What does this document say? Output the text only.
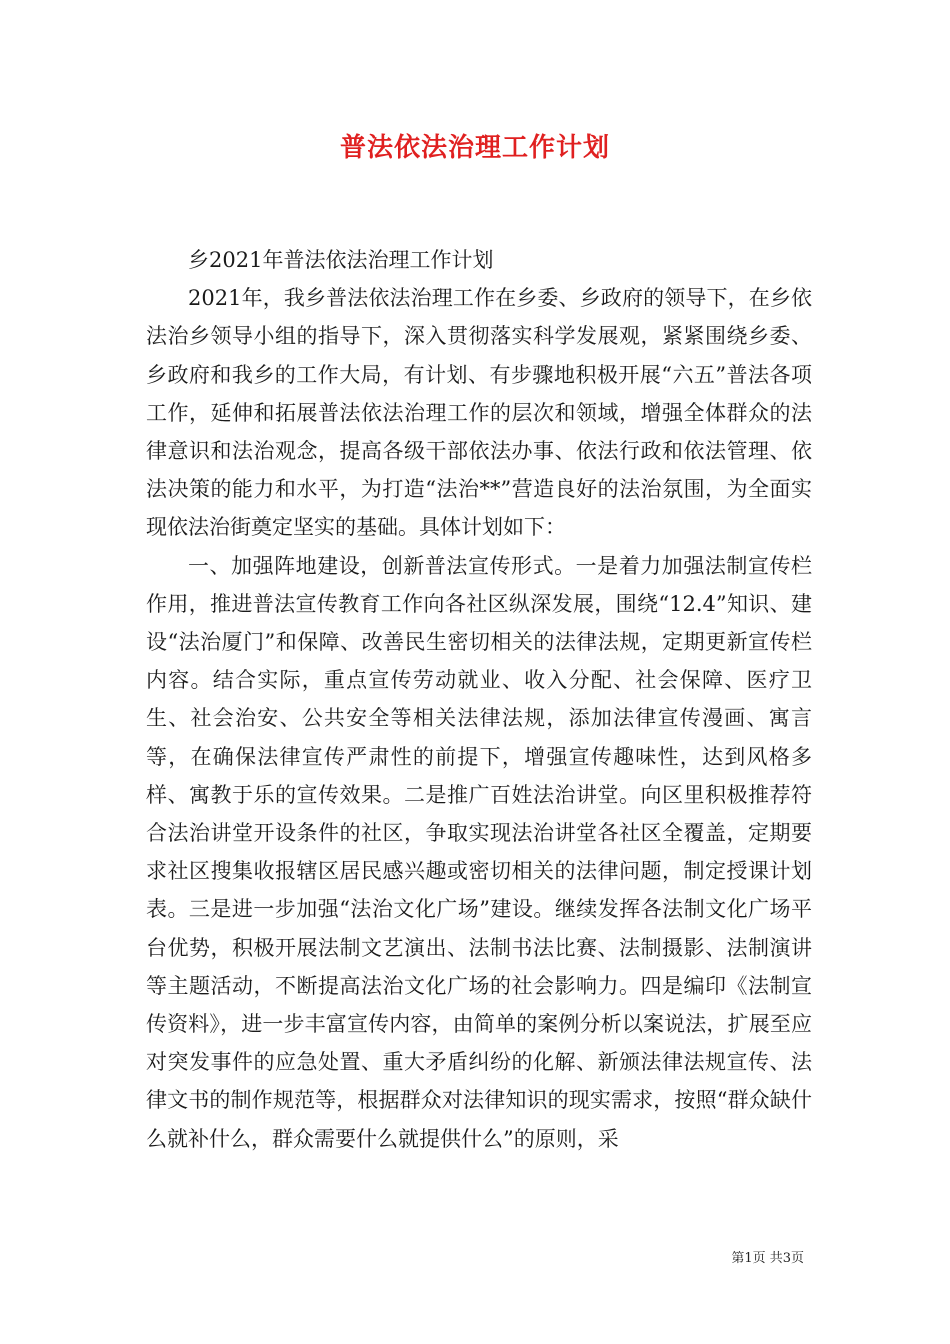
普法依法治理工作计划

乡2021年普法依法治理工作计划

2021年，我乡普法依法治理工作在乡委、乡政府的领导下，在乡依法治乡领导小组的指导下，深入贯彻落实科学发展观，紧紧围绕乡委、乡政府和我乡的工作大局，有计划、有步骤地积极开展“六五”普法各项工作，延伸和拓展普法依法治理工作的层次和领域，增强全体群众的法律意识和法治观念，提高各级干部依法办事、依法行政和依法管理、依法决策的能力和水平，为打造“法治**”营造良好的法治氛围，为全面实现依法治街奠定坚实的基础。具体计划如下：

一、加强阵地建设，创新普法宣传形式。一是着力加强法制宣传栏作用，推进普法宣传教育工作向各社区纵深发展，围绕“12.4”知识、建设“法治厦门”和保障、改善民生密切相关的法律法规，定期更新宣传栏内容。结合实际，重点宣传劳动就业、收入分配、社会保障、医疗卫生、社会治安、公共安全等相关法律法规，添加法律宣传漫画、寓言等，在确保法律宣传严肃性的前提下，增强宣传趣味性，达到风格多样、寓教于乐的宣传效果。二是推广百姓法治讲堂。向区里积极推荐符合法治讲堂开设条件的社区，争取实现法治讲堂各社区全覆盖，定期要求社区搜集收报辖区居民感兴趣或密切相关的法律问题，制定授课计划表。三是进一步加强“法治文化广场”建设。继续发挥各法制文化广场平台优势，积极开展法制文艺演出、法制书法比赛、法制摄影、法制演讲等主题活动，不断提高法治文化广场的社会影响力。四是编印《法制宣传资料》，进一步丰富宣传内容，由简单的案例分析以案说法，扩展至应对突发事件的应急处置、重大矛盾纠纷的化解、新颁法律法规宣传、法律文书的制作规范等，根据群众对法律知识的现实需求，按照“群众缺什么就补什么，群众需要什么就提供什么”的原则，采

第1页 共3页
